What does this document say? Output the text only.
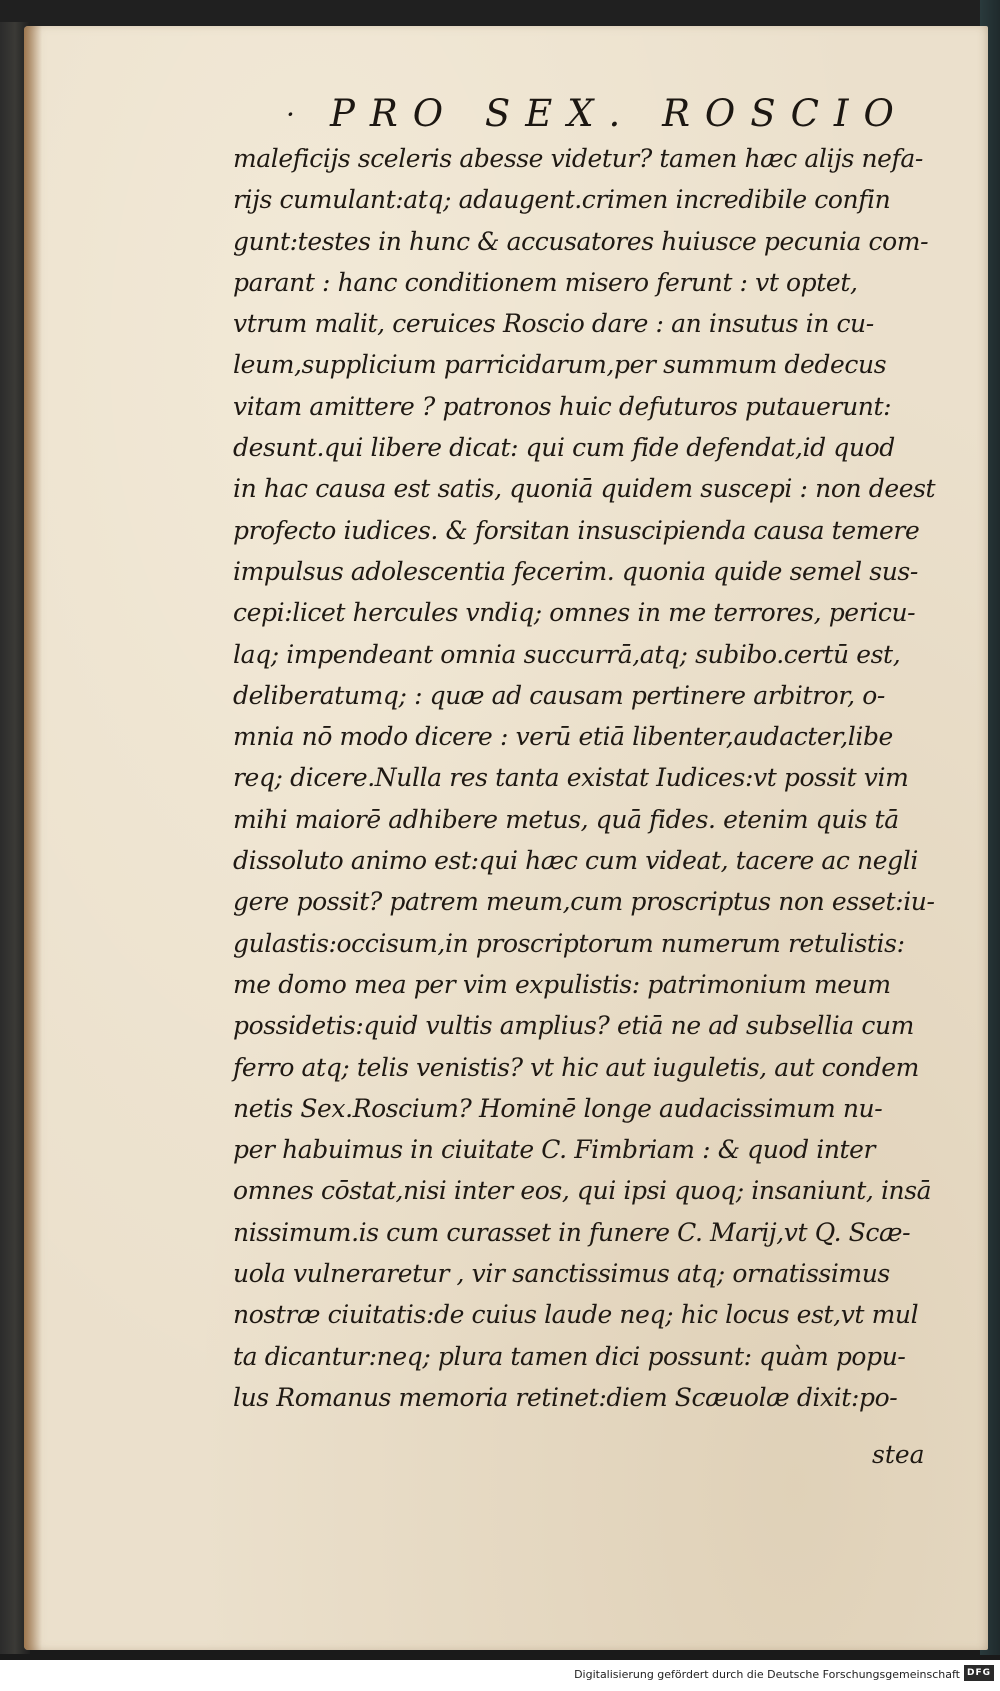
· PRO SEX. ROSCIO
maleficijs sceleris abesse videtur? tamen hæc alijs nefa-
rijs cumulant:atq; adaugent.crimen incredibile confin
gunt:testes in hunc & accusatores huiusce pecunia com-
parant : hanc conditionem misero ferunt : vt optet,
vtrum malit, ceruices Roscio dare : an insutus in cu-
leum,supplicium parricidarum,per summum dedecus
vitam amittere ? patronos huic defuturos putauerunt:
desunt.qui libere dicat: qui cum fide defendat,id quod
in hac causa est satis, quoniā quidem suscepi : non deest
profecto iudices. & forsitan insuscipienda causa temere
impulsus adolescentia fecerim. quonia quide semel sus-
cepi:licet hercules vndiq; omnes in me terrores, pericu-
laq; impendeant omnia succurrā,atq; subibo.certū est,
deliberatumq; : quæ ad causam pertinere arbitror, o-
mnia nō modo dicere : verū etiā libenter,audacter,libe
req; dicere.Nulla res tanta existat Iudices:vt possit vim
mihi maiorē adhibere metus, quā fides. etenim quis tā
dissoluto animo est:qui hæc cum videat, tacere ac negli
gere possit? patrem meum,cum proscriptus non esset:iu-
gulastis:occisum,in proscriptorum numerum retulistis:
me domo mea per vim expulistis: patrimonium meum
possidetis:quid vultis amplius? etiā ne ad subsellia cum
ferro atq; telis venistis? vt hic aut iuguletis, aut condem
netis Sex.Roscium? Hominē longe audacissimum nu-
per habuimus in ciuitate C. Fimbriam : & quod inter
omnes cōstat,nisi inter eos, qui ipsi quoq; insaniunt, insā
nissimum.is cum curasset in funere C. Marij,vt Q. Scæ-
uola vulneraretur , vir sanctissimus atq; ornatissimus
nostræ ciuitatis:de cuius laude neq; hic locus est,vt mul
ta dicantur:neq; plura tamen dici possunt: quàm popu-
lus Romanus memoria retinet:diem Scæuolæ dixit:po-
stea
Digitalisierung gefördert durch die Deutsche Forschungsgemeinschaft DFG
